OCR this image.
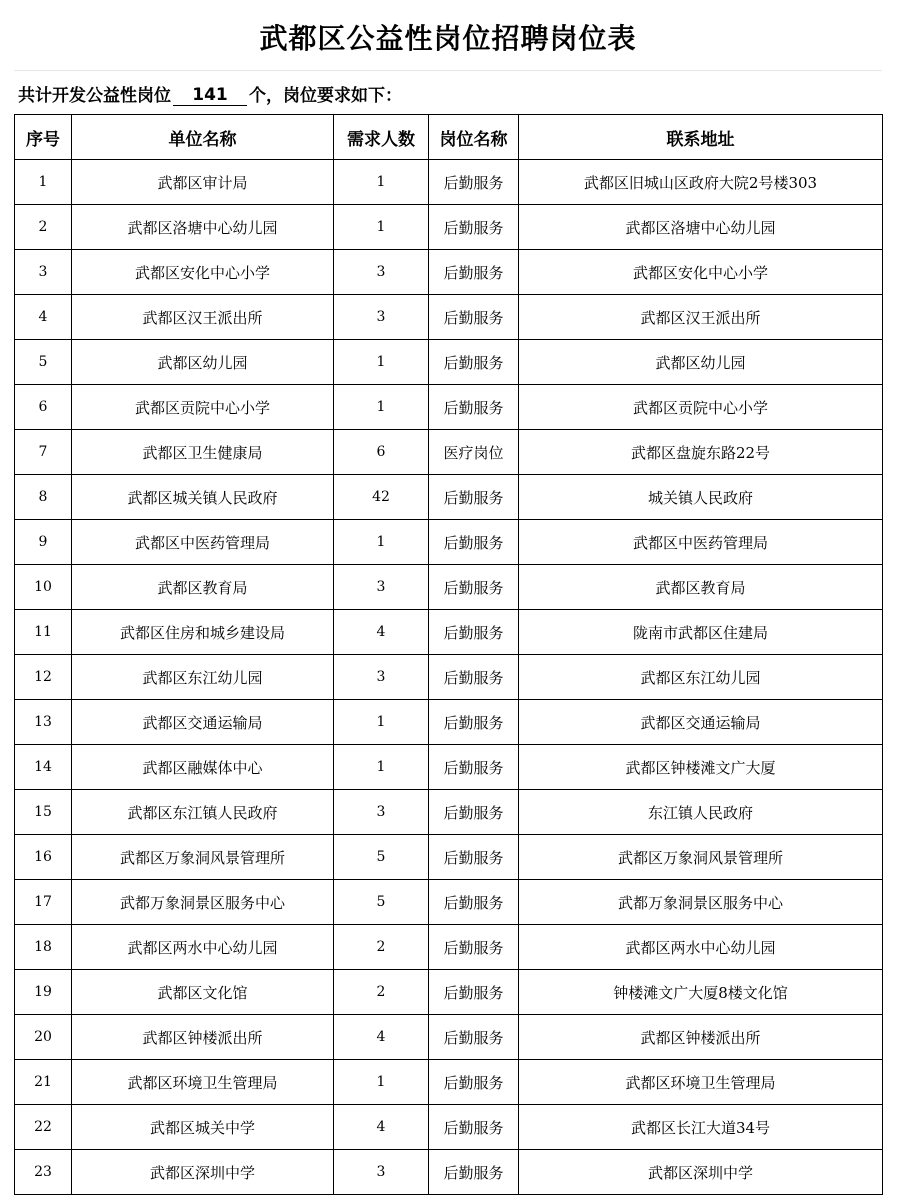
武都区公益性岗位招聘岗位表
共计开发公益性岗位	141	个，岗位要求如下：
序号	单位名称	需求人数	岗位名称	联系地址
1	武都区审计局	1	后勤服务	武都区旧城山区政府大院2号楼303
2	武都区洛塘中心幼儿园	1	后勤服务	武都区洛塘中心幼儿园
3	武都区安化中心小学	3	后勤服务	武都区安化中心小学
4	武都区汉王派出所	3	后勤服务	武都区汉王派出所
5	武都区幼儿园	1	后勤服务	武都区幼儿园
6	武都区贡院中心小学	1	后勤服务	武都区贡院中心小学
7	武都区卫生健康局	6	医疗岗位	武都区盘旋东路22号
8	武都区城关镇人民政府	42	后勤服务	城关镇人民政府
9	武都区中医药管理局	1	后勤服务	武都区中医药管理局
10	武都区教育局	3	后勤服务	武都区教育局
11	武都区住房和城乡建设局	4	后勤服务	陇南市武都区住建局
12	武都区东江幼儿园	3	后勤服务	武都区东江幼儿园
13	武都区交通运输局	1	后勤服务	武都区交通运输局
14	武都区融媒体中心	1	后勤服务	武都区钟楼滩文广大厦
15	武都区东江镇人民政府	3	后勤服务	东江镇人民政府
16	武都区万象洞风景管理所	5	后勤服务	武都区万象洞风景管理所
17	武都万象洞景区服务中心	5	后勤服务	武都万象洞景区服务中心
18	武都区两水中心幼儿园	2	后勤服务	武都区两水中心幼儿园
19	武都区文化馆	2	后勤服务	钟楼滩文广大厦8楼文化馆
20	武都区钟楼派出所	4	后勤服务	武都区钟楼派出所
21	武都区环境卫生管理局	1	后勤服务	武都区环境卫生管理局
22	武都区城关中学	4	后勤服务	武都区长江大道34号
23	武都区深圳中学	3	后勤服务	武都区深圳中学
